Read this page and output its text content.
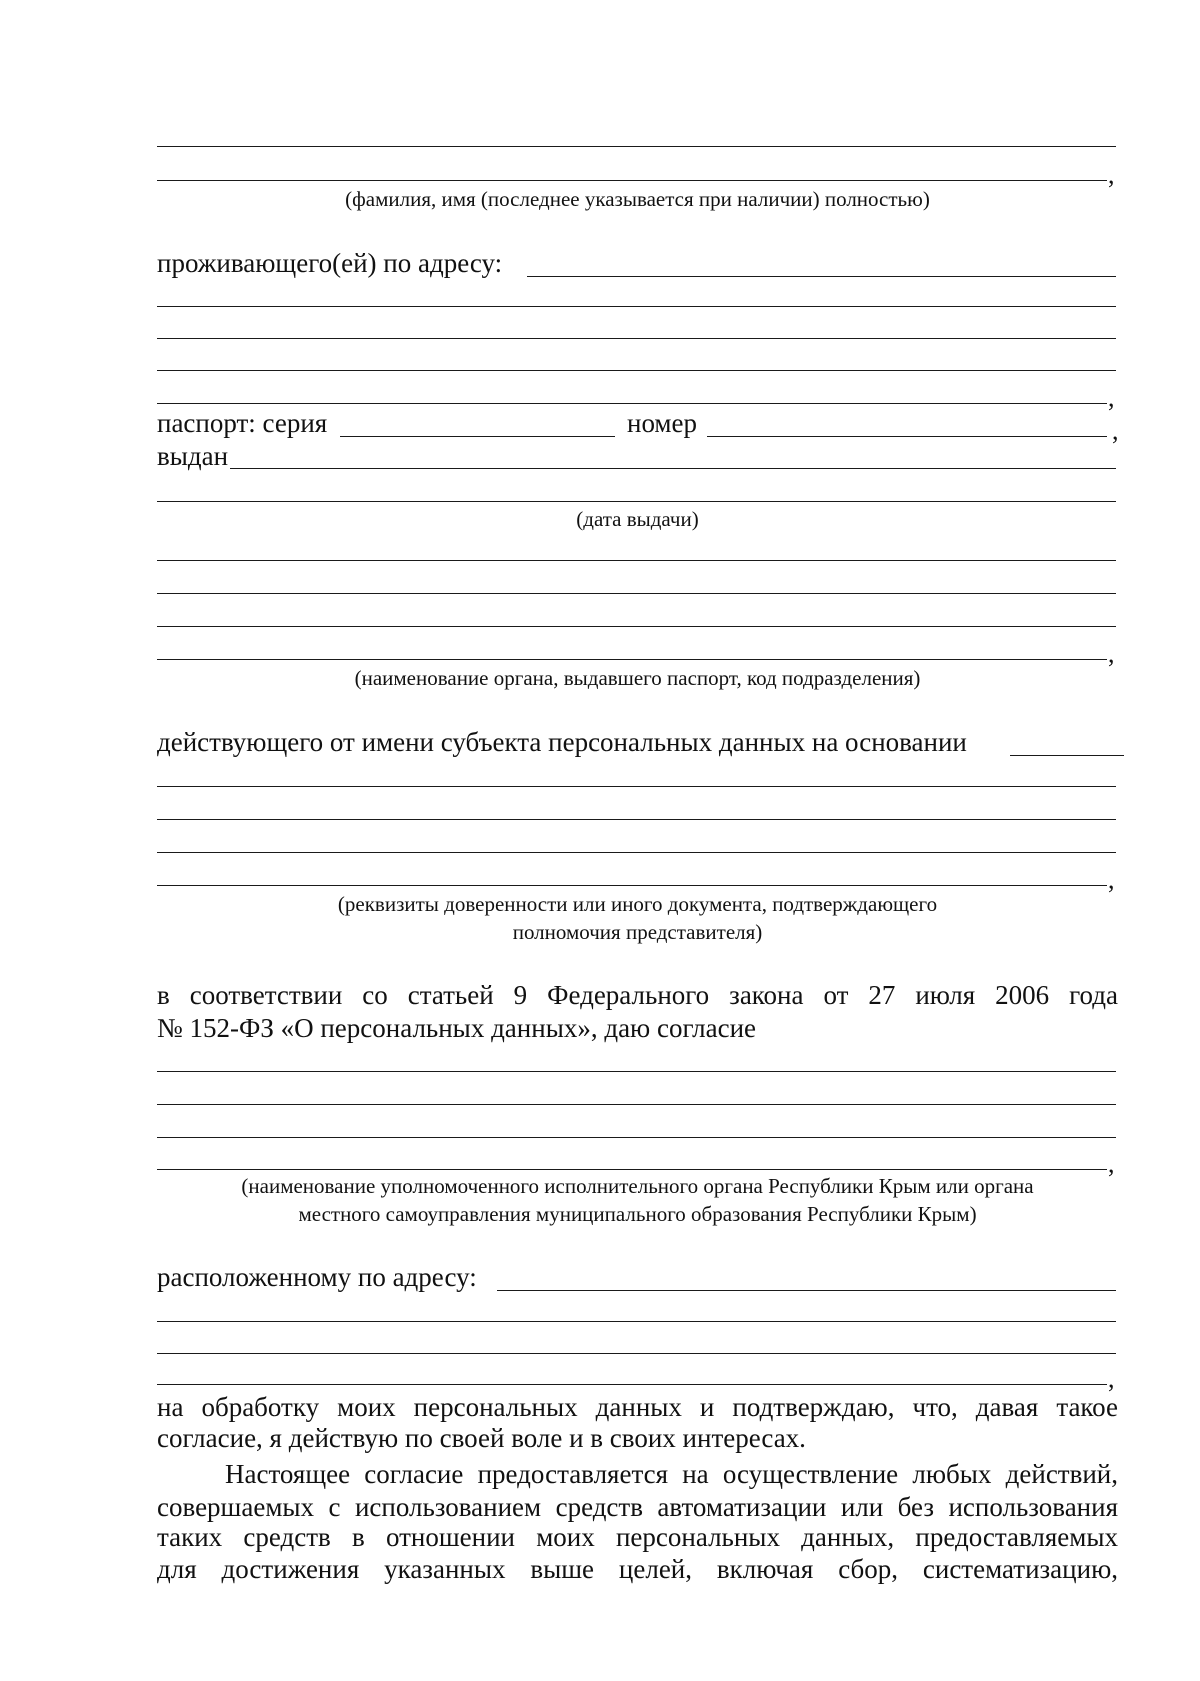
,
(фамилия, имя (последнее указывается при наличии) полностью)
проживающего(ей) по адресу:
,
паспорт: серия	номер	,
выдан
(дата выдачи)
,
(наименование органа, выдавшего паспорт, код подразделения)
действующего от имени субъекта персональных данных на основании
,
(реквизиты доверенности или иного документа, подтверждающего
полномочия представителя)
в соответствии со статьей 9 Федерального закона от 27 июля 2006 года
№ 152-ФЗ «О персональных данных», даю согласие
,
(наименование уполномоченного исполнительного органа Республики Крым или органа
местного самоуправления муниципального образования Республики Крым)
расположенному по адресу:
,
на обработку моих персональных данных и подтверждаю, что, давая такое
согласие, я действую по своей воле и в своих интересах.
Настоящее согласие предоставляется на осуществление любых действий,
совершаемых с использованием средств автоматизации или без использования
таких средств в отношении моих персональных данных, предоставляемых
для достижения указанных выше целей, включая сбор, систематизацию,
